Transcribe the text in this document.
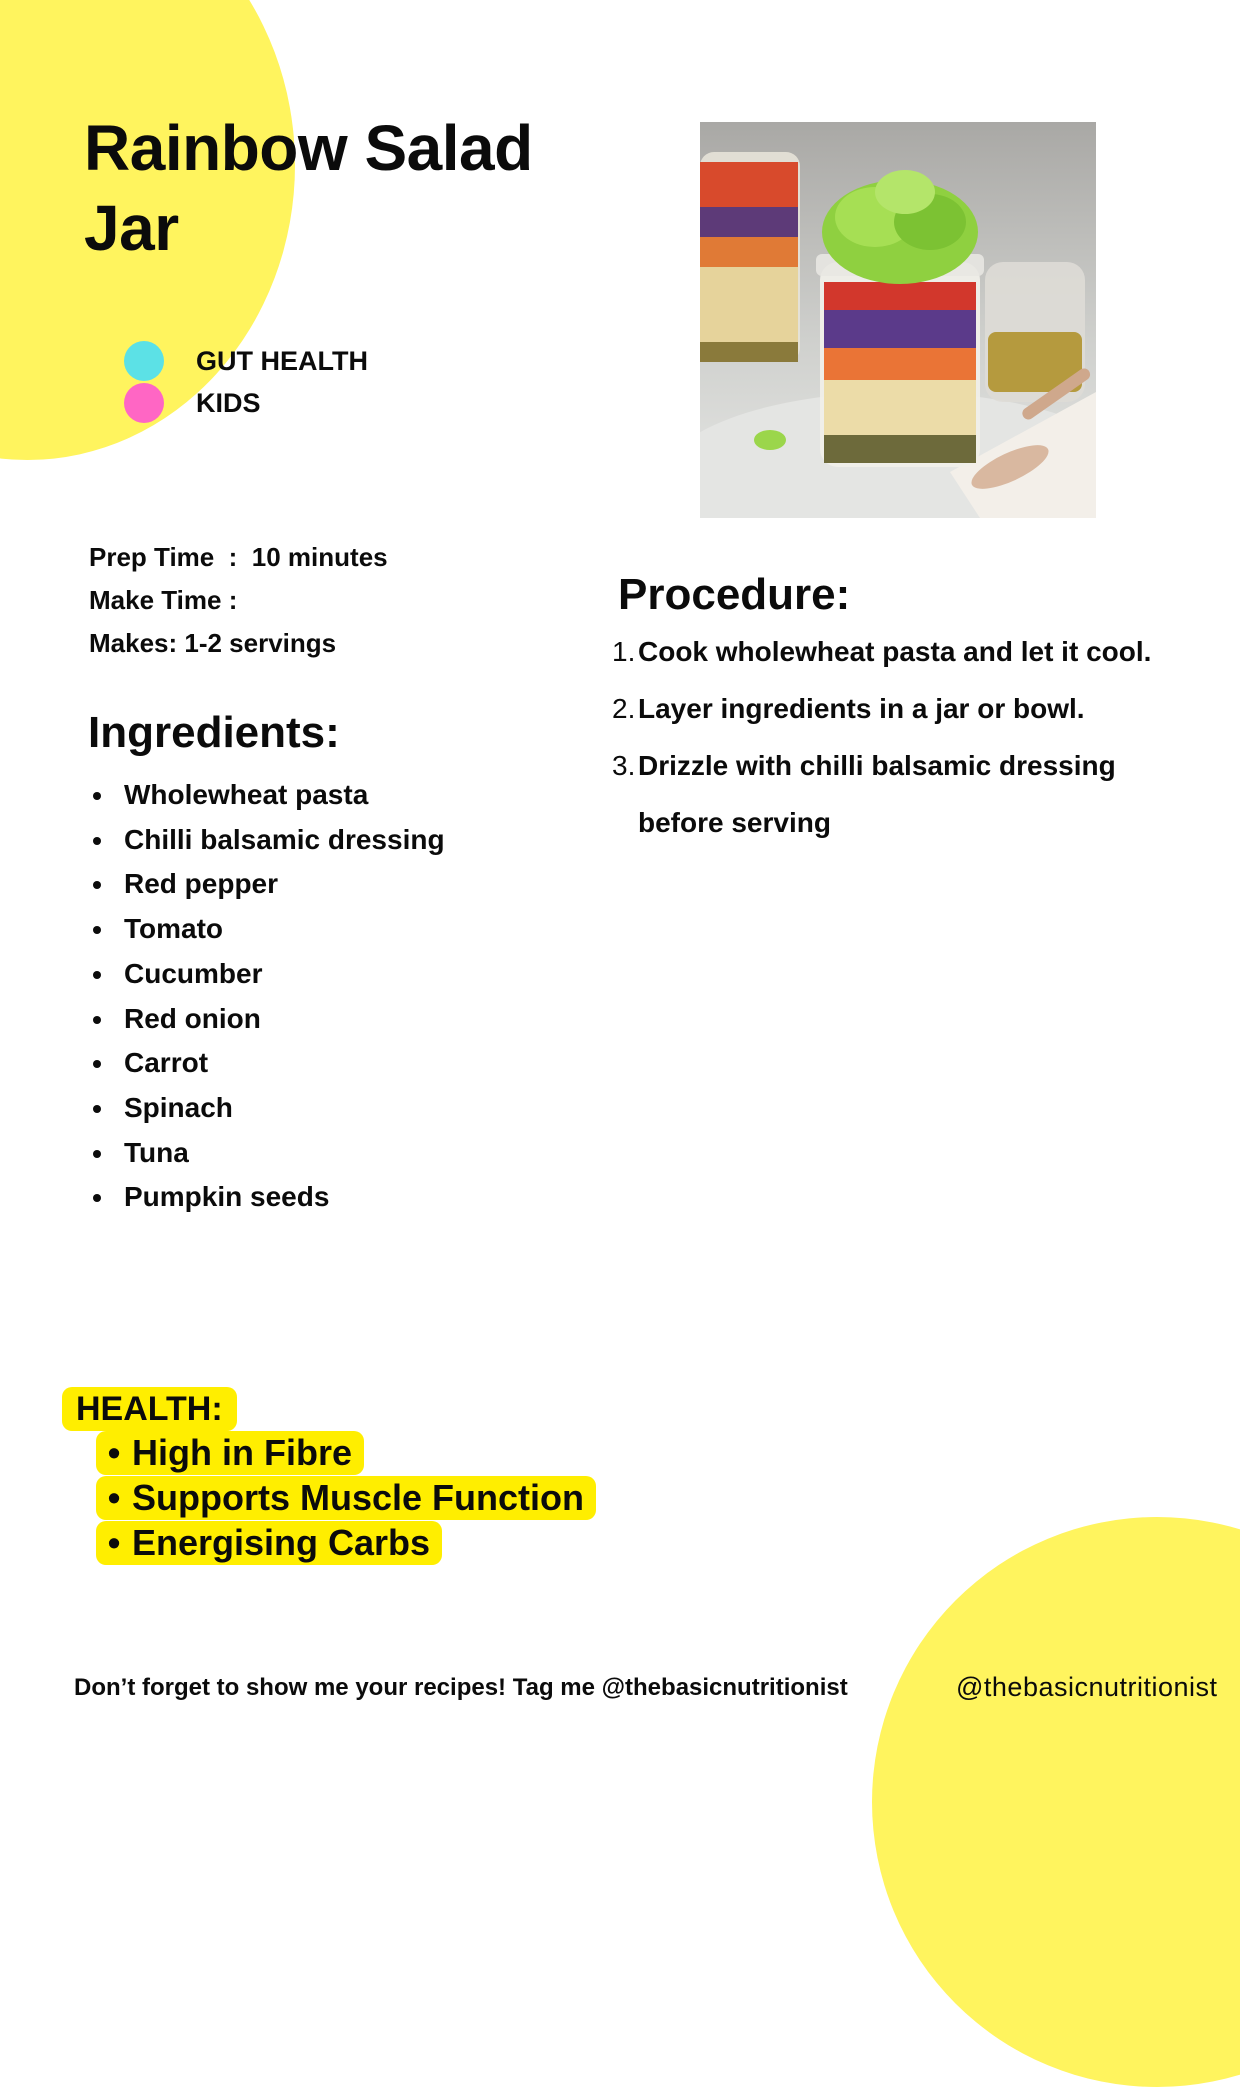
Rainbow Salad Jar
GUT HEALTH
KIDS
Prep Time  :  10 minutes
Make Time :
Makes: 1-2 servings
Ingredients:
Wholewheat pasta
Chilli balsamic dressing
Red pepper
Tomato
Cucumber
Red onion
Carrot
Spinach
Tuna
Pumpkin seeds
Procedure:
1. Cook wholewheat pasta and let it cool.
2. Layer ingredients in a jar or bowl.
3. Drizzle with chilli balsamic dressing before serving
HEALTH:
• High in Fibre
• Supports Muscle Function
• Energising Carbs
Don’t forget to show me your recipes! Tag me @thebasicnutritionist	@thebasicnutritionist
